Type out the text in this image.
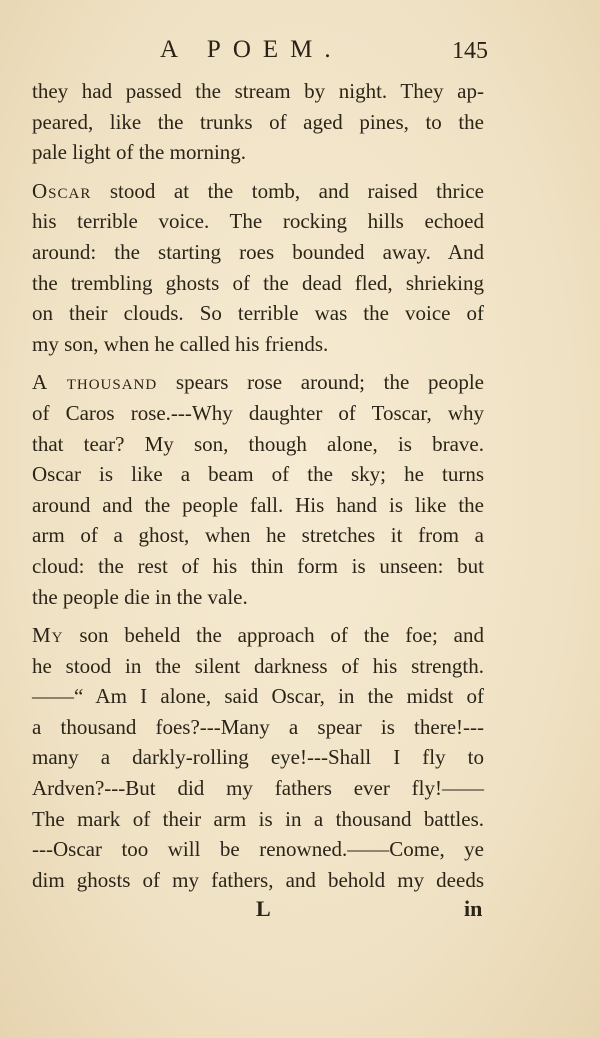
A POEM.	145
they had passed the stream by night. They ap-
peared, like the trunks of aged pines, to the
pale light of the morning.
Oscar stood at the tomb, and raised thrice
his terrible voice. The rocking hills echoed
around: the starting roes bounded away. And
the trembling ghosts of the dead fled, shrieking
on their clouds. So terrible was the voice of
my son, when he called his friends.
A thousand spears rose around; the people
of Caros rose.---Why daughter of Toscar, why
that tear? My son, though alone, is brave.
Oscar is like a beam of the sky; he turns
around and the people fall. His hand is like the
arm of a ghost, when he stretches it from a
cloud: the rest of his thin form is unseen: but
the people die in the vale.
My son beheld the approach of the foe; and
he stood in the silent darkness of his strength.
——“ Am I alone, said Oscar, in the midst of
a thousand foes?---Many a spear is there!---
many a darkly-rolling eye!---Shall I fly to
Ardven?---But did my fathers ever fly!——
The mark of their arm is in a thousand battles.
---Oscar too will be renowned.——Come, ye
dim ghosts of my fathers, and behold my deeds
L	in
